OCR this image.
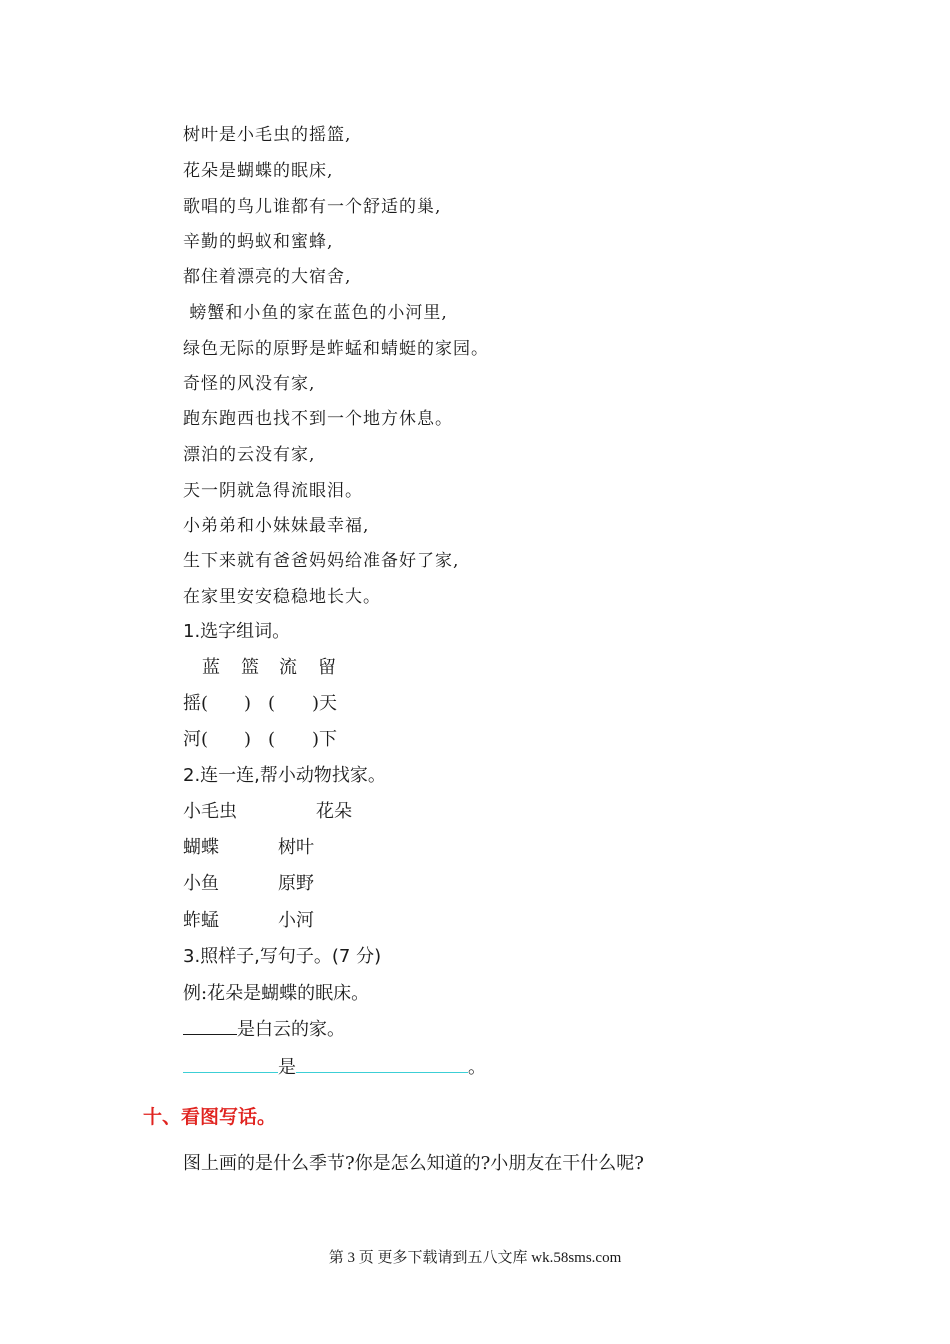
树叶是小毛虫的摇篮,
花朵是蝴蝶的眠床,
歌唱的鸟儿谁都有一个舒适的巢,
辛勤的蚂蚁和蜜蜂,
都住着漂亮的大宿舍,
螃蟹和小鱼的家在蓝色的小河里,
绿色无际的原野是蚱蜢和蜻蜓的家园。
奇怪的风没有家,
跑东跑西也找不到一个地方休息。
漂泊的云没有家,
天一阴就急得流眼泪。
小弟弟和小妹妹最幸福,
生下来就有爸爸妈妈给准备好了家,
在家里安安稳稳地长大。
1.选字组词。
蓝 篮 流 留
摇( ) ( )天
河( ) ( )下
2.连一连,帮小动物找家。
小毛虫	花朵
蝴蝶	树叶
小鱼	原野
蚱蜢	小河
3.照样子,写句子。(7 分)
例:花朵是蝴蝶的眠床。
是白云的家。
是	。
十、看图写话。
图上画的是什么季节?你是怎么知道的?小朋友在干什么呢?
第 3 页 更多下载请到五八文库 wk.58sms.com
